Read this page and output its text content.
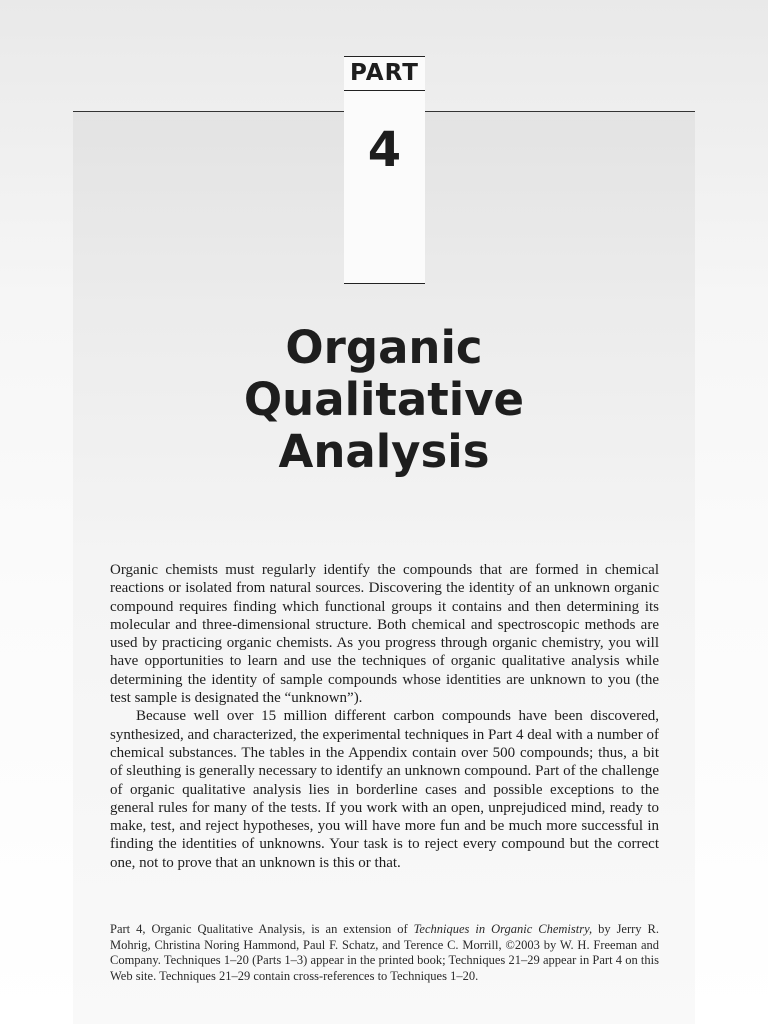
PART
4
Organic
Qualitative
Analysis

Organic chemists must regularly identify the compounds that are formed in chemical reactions or isolated from natural sources. Discovering the identity of an unknown organic compound requires finding which functional groups it contains and then determining its molecular and three-dimensional structure. Both chemical and spectroscopic methods are used by practicing organic chemists. As you progress through organic chemistry, you will have opportunities to learn and use the techniques of organic qualitative analysis while determining the identity of sample compounds whose identities are unknown to you (the test sample is designated the “unknown”).

Because well over 15 million different carbon compounds have been discovered, synthesized, and characterized, the experimental techniques in Part 4 deal with a number of chemical substances. The tables in the Appendix contain over 500 compounds; thus, a bit of sleuthing is generally necessary to identify an unknown compound. Part of the challenge of organic qualitative analysis lies in borderline cases and possible exceptions to the general rules for many of the tests. If you work with an open, unprejudiced mind, ready to make, test, and reject hypotheses, you will have more fun and be much more successful in finding the identities of unknowns. Your task is to reject every compound but the correct one, not to prove that an unknown is this or that.

Part 4, Organic Qualitative Analysis, is an extension of Techniques in Organic Chemistry, by Jerry R. Mohrig, Christina Noring Hammond, Paul F. Schatz, and Terence C. Morrill, ©2003 by W. H. Freeman and Company. Techniques 1–20 (Parts 1–3) appear in the printed book; Techniques 21–29 appear in Part 4 on this Web site. Techniques 21–29 contain cross-references to Techniques 1–20.
